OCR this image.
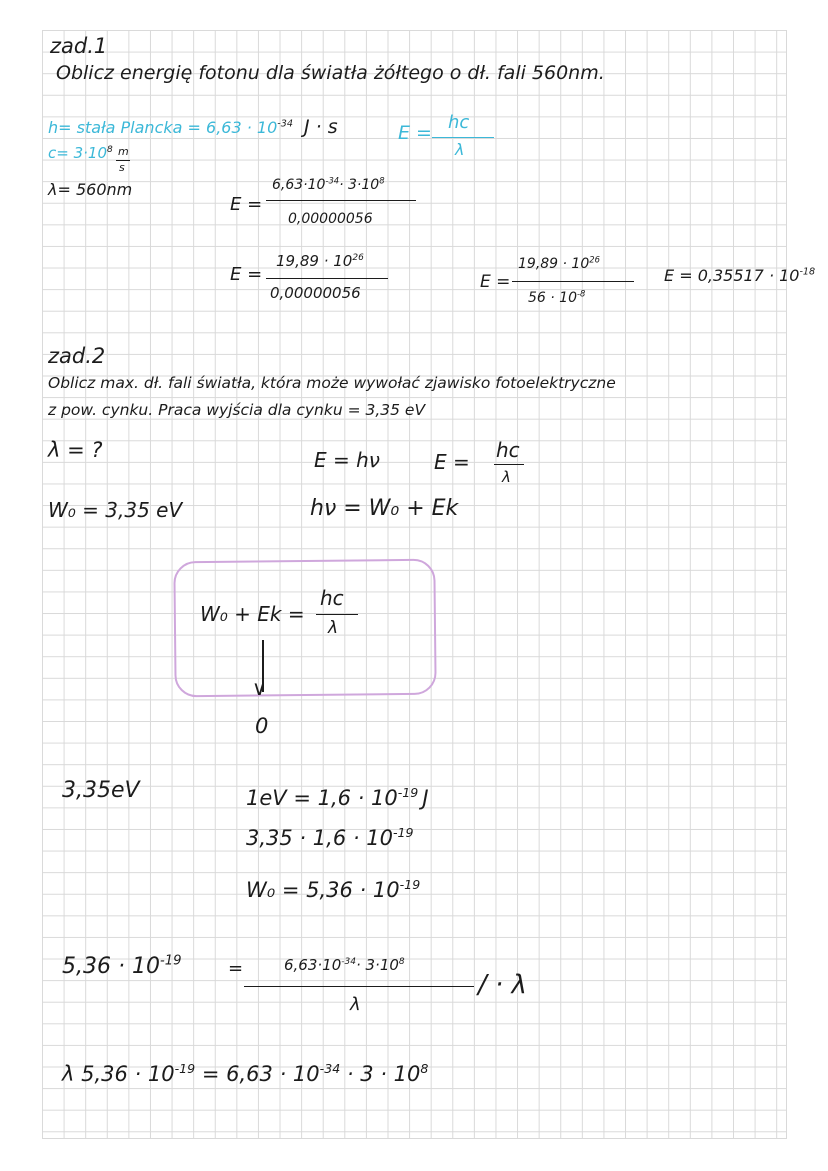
zad.1
Oblicz energię fotonu dla światła żółtego o dł. fali 560nm.
h= stała Plancka = $6,63 \cdot 10^{-34}$ J · s	E = hc
λ
$c= 3\cdot 10^8$ m
s
λ= 560nm
E =
$6,63\cdot 10^{-34}\cdot 3\cdot 10^8$
0,00000056
E =
$19,89 \cdot 10^{26}$
0,00000056
E =
$19,89 \cdot 10^{26}$
$56 \cdot 10^{-8}$
$E = 0,35517 \cdot 10^{-18}$
zad.2
Oblicz max. dł. fali światła, która może wywołać zjawisko fotoelektryczne
z pow. cynku. Praca wyjścia dla cynku = 3,35 eV
λ = ?
W₀ = 3,35 eV
E = hν	E = hc
λ
hν = W₀ + Ek
W₀ + Ek =
hc
λ
∨
0
3,35eV	$1eV = 1,6 \cdot 10^{-19}$ J
$3,35 \cdot 1,6 \cdot 10^{-19}$
$W_0 = 5,36 \cdot 10^{-19}$
$5,36 \cdot 10^{-19}$	=	$6,63\cdot 10^{-34}\cdot 3\cdot 10^8$
λ
/ · λ
λ $5,36 \cdot 10^{-19} = 6,63 \cdot 10^{-34} \cdot 3 \cdot 10^8$
